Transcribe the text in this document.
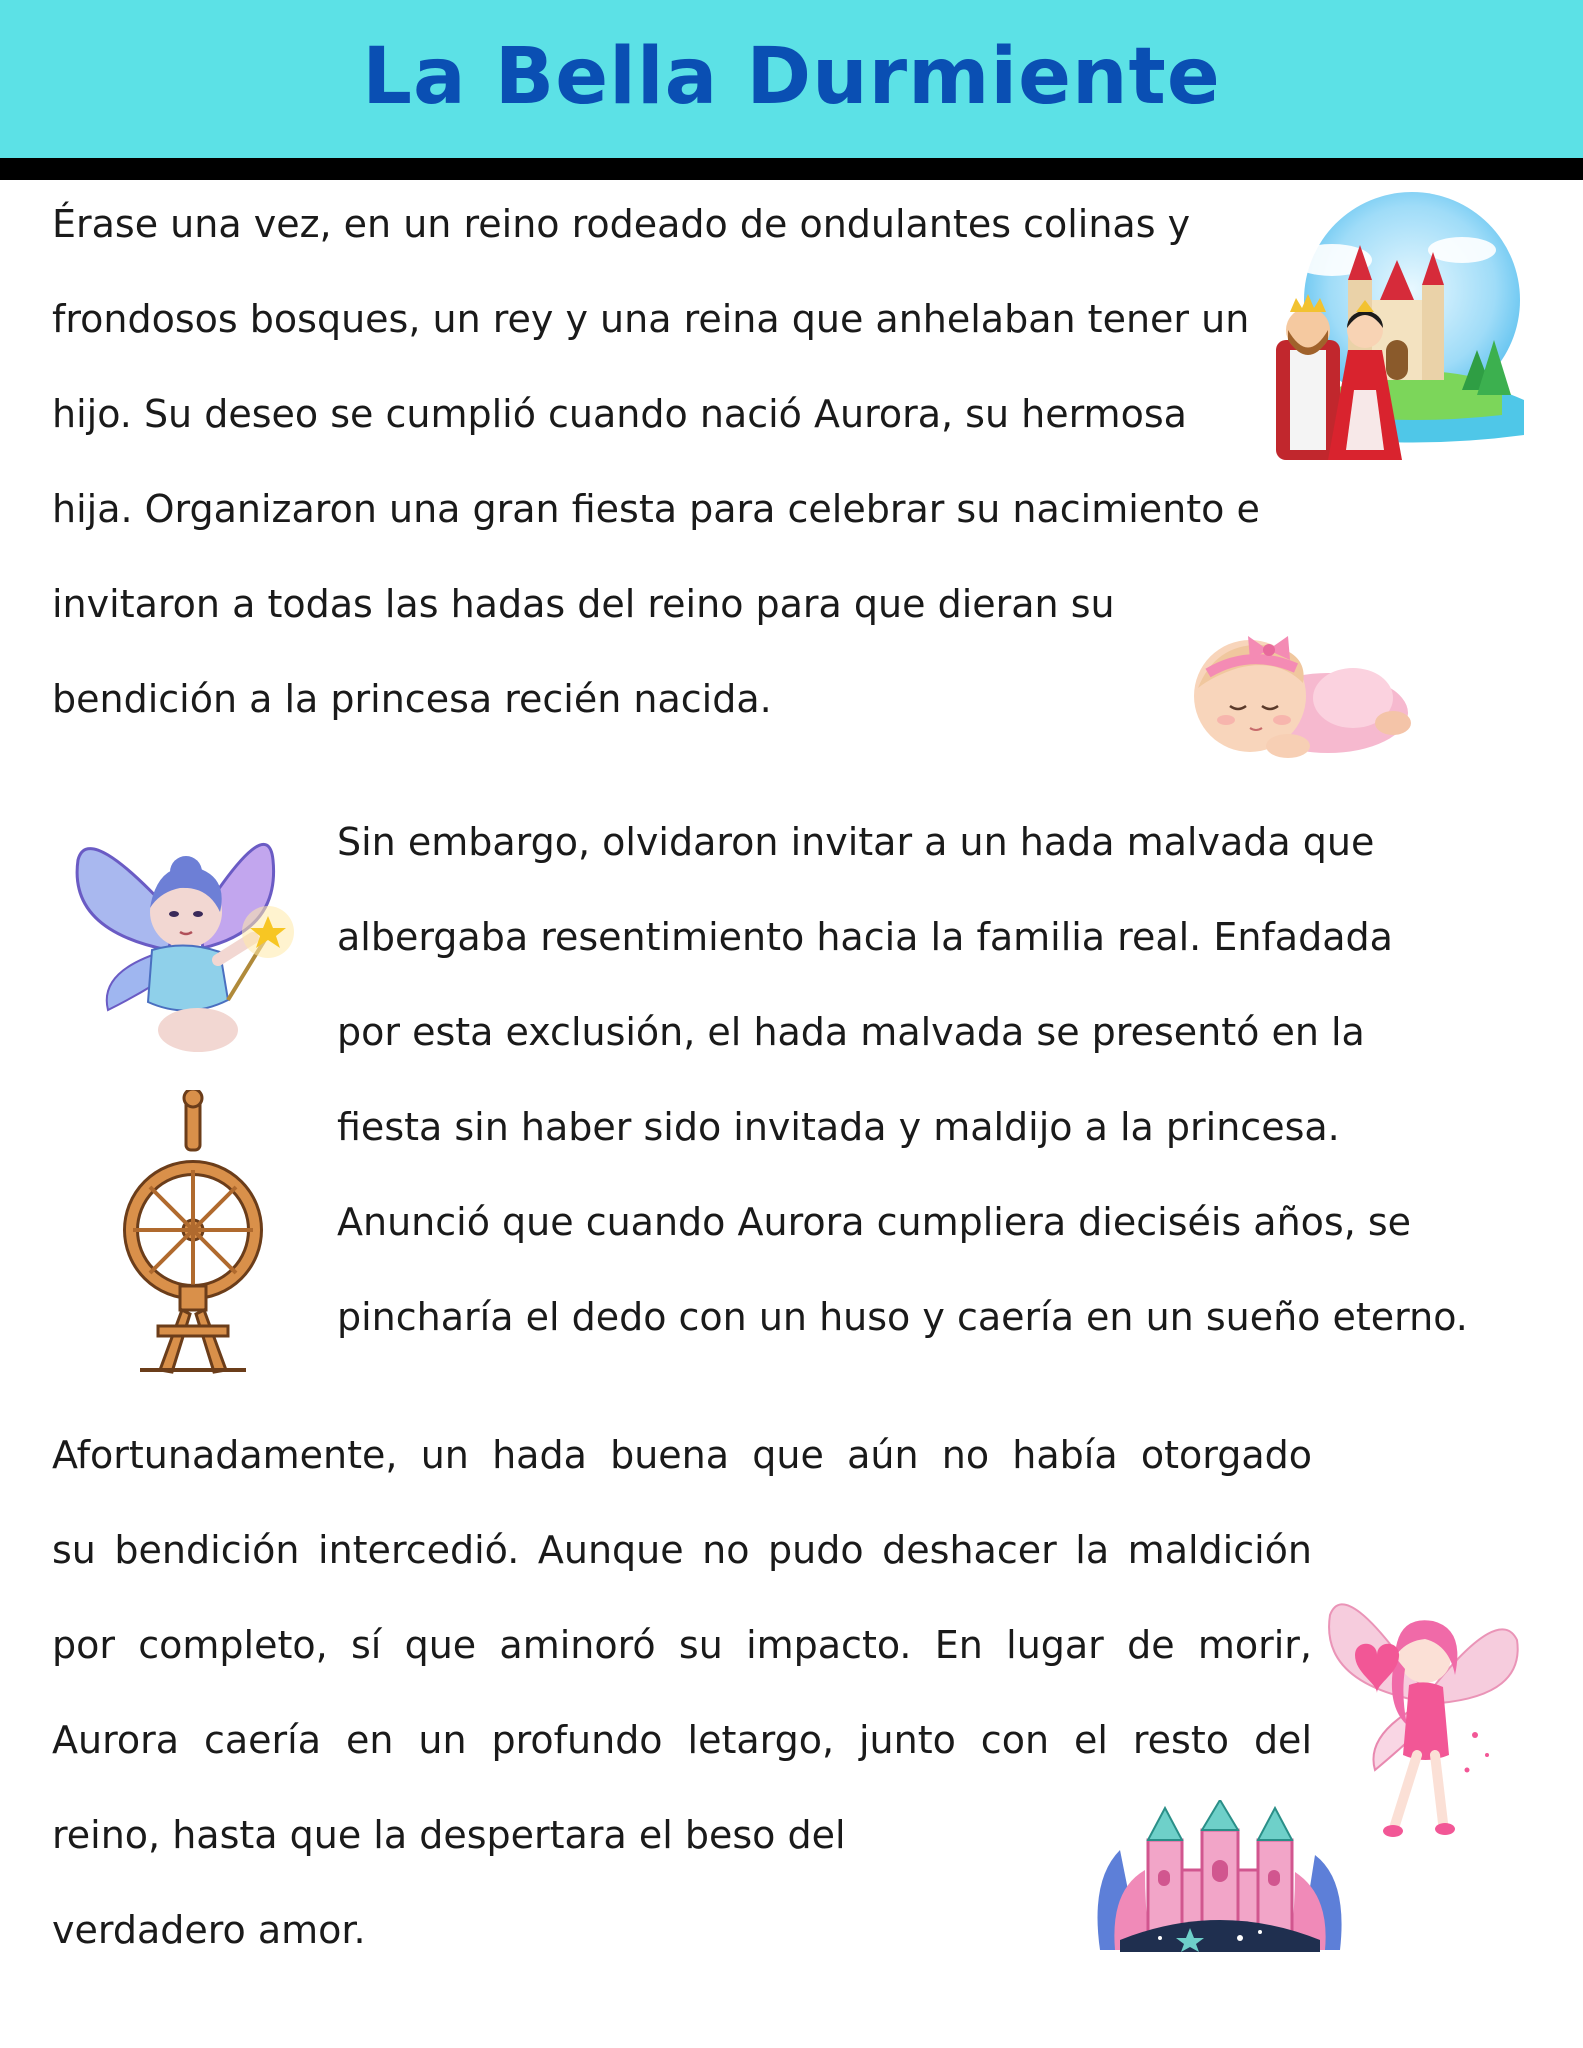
La Bella Durmiente

Érase una vez, en un reino rodeado de ondulantes colinas y
frondosos bosques, un rey y una reina que anhelaban tener un
hijo. Su deseo se cumplió cuando nació Aurora, su hermosa
hija. Organizaron una gran fiesta para celebrar su nacimiento e
invitaron a todas las hadas del reino para que dieran su
bendición a la princesa recién nacida.

Sin embargo, olvidaron invitar a un hada malvada que
albergaba resentimiento hacia la familia real. Enfadada
por esta exclusión, el hada malvada se presentó en la
fiesta sin haber sido invitada y maldijo a la princesa.
Anunció que cuando Aurora cumpliera dieciséis años, se
pincharía el dedo con un huso y caería en un sueño eterno.

Afortunadamente, un hada buena que aún no había otorgado
su bendición intercedió. Aunque no pudo deshacer la maldición
por completo, sí que aminoró su impacto. En lugar de morir,
Aurora caería en un profundo letargo, junto con el resto del
reino, hasta que la despertara el beso del
verdadero amor.
